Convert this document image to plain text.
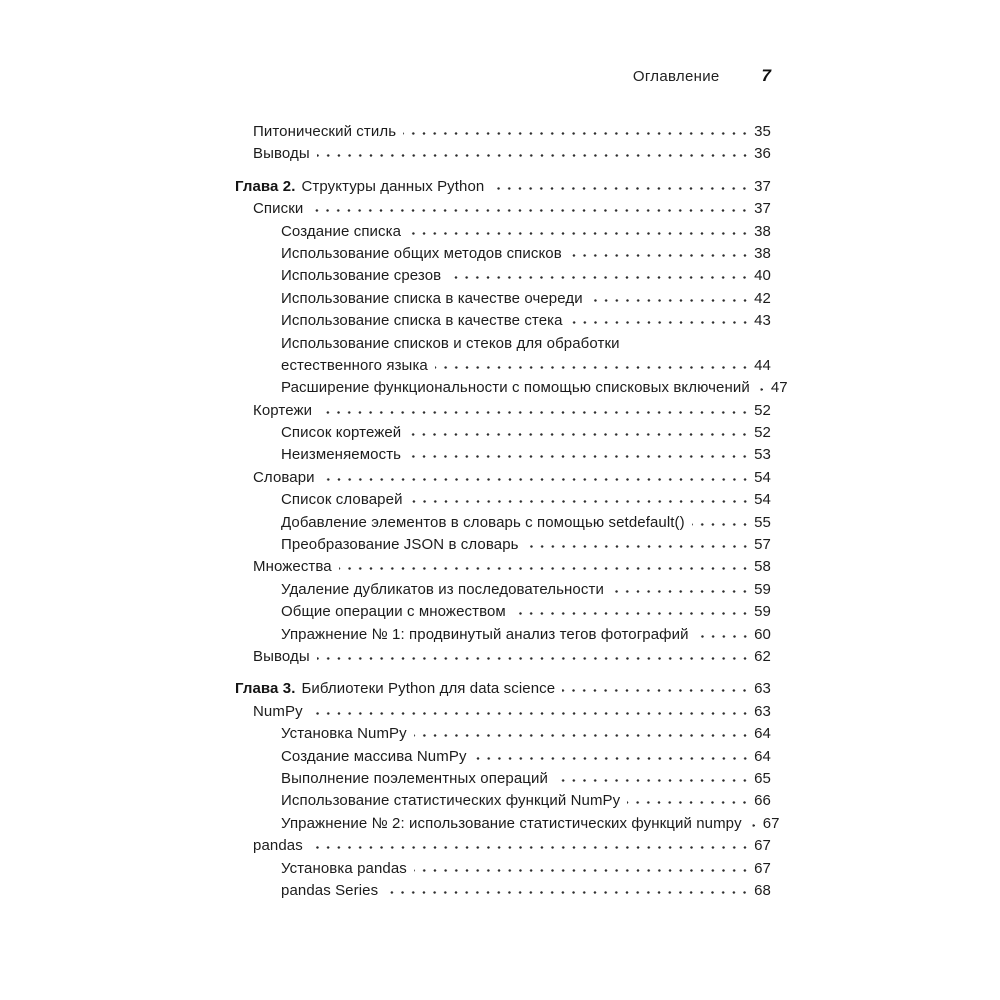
Оглавление 7
Питонический стиль	35
Выводы	36
Глава 2. Структуры данных Python	37
Списки	37
Создание списка	38
Использование общих методов списков	38
Использование срезов	40
Использование списка в качестве очереди	42
Использование списка в качестве стека	43
Использование списков и стеков для обработки
естественного языка	44
Расширение функциональности с помощью списковых включений 47
Кортежи	52
Список кортежей	52
Неизменяемость	53
Словари	54
Список словарей	54
Добавление элементов в словарь с помощью setdefault()	55
Преобразование JSON в словарь	57
Множества	58
Удаление дубликатов из последовательности	59
Общие операции с множеством	59
Упражнение № 1: продвинутый анализ тегов фотографий	60
Выводы	62
Глава 3. Библиотеки Python для data science	63
NumPy	63
Установка NumPy	64
Создание массива NumPy	64
Выполнение поэлементных операций	65
Использование статистических функций NumPy	66
Упражнение № 2: использование статистических функций numpy 67
pandas	67
Установка pandas	67
pandas Series	68
